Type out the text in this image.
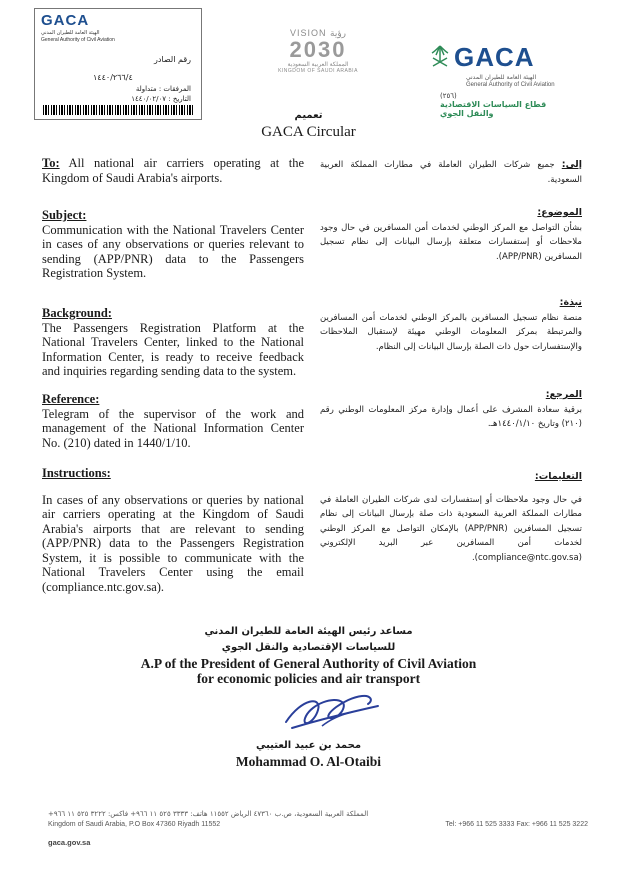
GACA
الهيئة العامة للطيران المدني
General Authority of Civil Aviation
رقم الصادر
١٤٤٠/٢٦٦/٤
المرفقات : متداولة
التاريخ : ١٤٤٠/٠٢/٠٧
VISION رؤية
2030
المملكة العربية السعودية
KINGDOM OF SAUDI ARABIA	GACA
الهيئة العامة للطيران المدني
General Authority of Civil Aviation
(٢٥٦)
قطاع السياسات الاقتصادية
والنقل الجوي
تعميم
GACA Circular
To: All national air carriers operating at the Kingdom of Saudi Arabia's airports.
إلى: جميع شركات الطيران العاملة في مطارات المملكة العربية السعودية.
Subject:
Communication with the National Travelers Center in cases of any observations or queries relevant to sending (APP/PNR) data to the Passengers Registration System.
الموضوع:
بشأن التواصل مع المركز الوطني لخدمات أمن المسافرين في حال وجود ملاحظات أو إستفسارات متعلقة بإرسال البيانات إلى نظام تسجيل المسافرين (APP/PNR).
Background:
The Passengers Registration Platform at the National Travelers Center, linked to the National Information Center, is ready to receive feedback and inquiries regarding sending data to the system.
نبذة:
منصة نظام تسجيل المسافرين بالمركز الوطني لخدمات أمن المسافرين والمرتبطة بمركز المعلومات الوطني مهيئة لإستقبال الملاحظات والإستفسارات حول ذات الصلة بإرسال البيانات إلى النظام.
Reference:
Telegram of the supervisor of the work and management of the National Information Center No. (210) dated in 1440/1/10.
المرجع:
برقية سعادة المشرف على أعمال وإدارة مركز المعلومات الوطني رقم (٢١٠) وتاريخ ١٤٤٠/١/١٠هـ.
Instructions:
In cases of any observations or queries by national air carriers operating at the Kingdom of Saudi Arabia's airports that are relevant to sending (APP/PNR) data to the Passengers Registration System, it is possible to communicate with the National Travelers Center using the email (compliance.ntc.gov.sa).
التعليمات:
في حال وجود ملاحظات أو إستفسارات لدى شركات الطيران العاملة في مطارات المملكة العربية السعودية ذات صلة بإرسال البيانات إلى نظام تسجيل المسافرين (APP/PNR) بالإمكان التواصل مع المركز الوطني لخدمات أمن المسافرين عبر البريد الإلكتروني (compliance@ntc.gov.sa).
مساعد رئيس الهيئة العامة للطيران المدني
للسياسات الإقتصادية والنقل الجوي
A.P of the President of General Authority of Civil Aviation
for economic policies and air transport
محمد بن عبيد العتيبي
Mohammad O. Al-Otaibi
المملكة العربية السعودية، ص.ب ٤٧٣٦٠ الرياض ١١٥٥٢ هاتف: ٣٣٣٣ ٥٢٥ ١١ ٩٦٦+ فاكس: ٣٢٢٢ ٥٢٥ ١١ ٩٦٦+
Kingdom of Saudi Arabia, P.O Box 47360 Riyadh 11552	Tel: +966 11 525 3333 Fax: +966 11 525 3222
gaca.gov.sa
